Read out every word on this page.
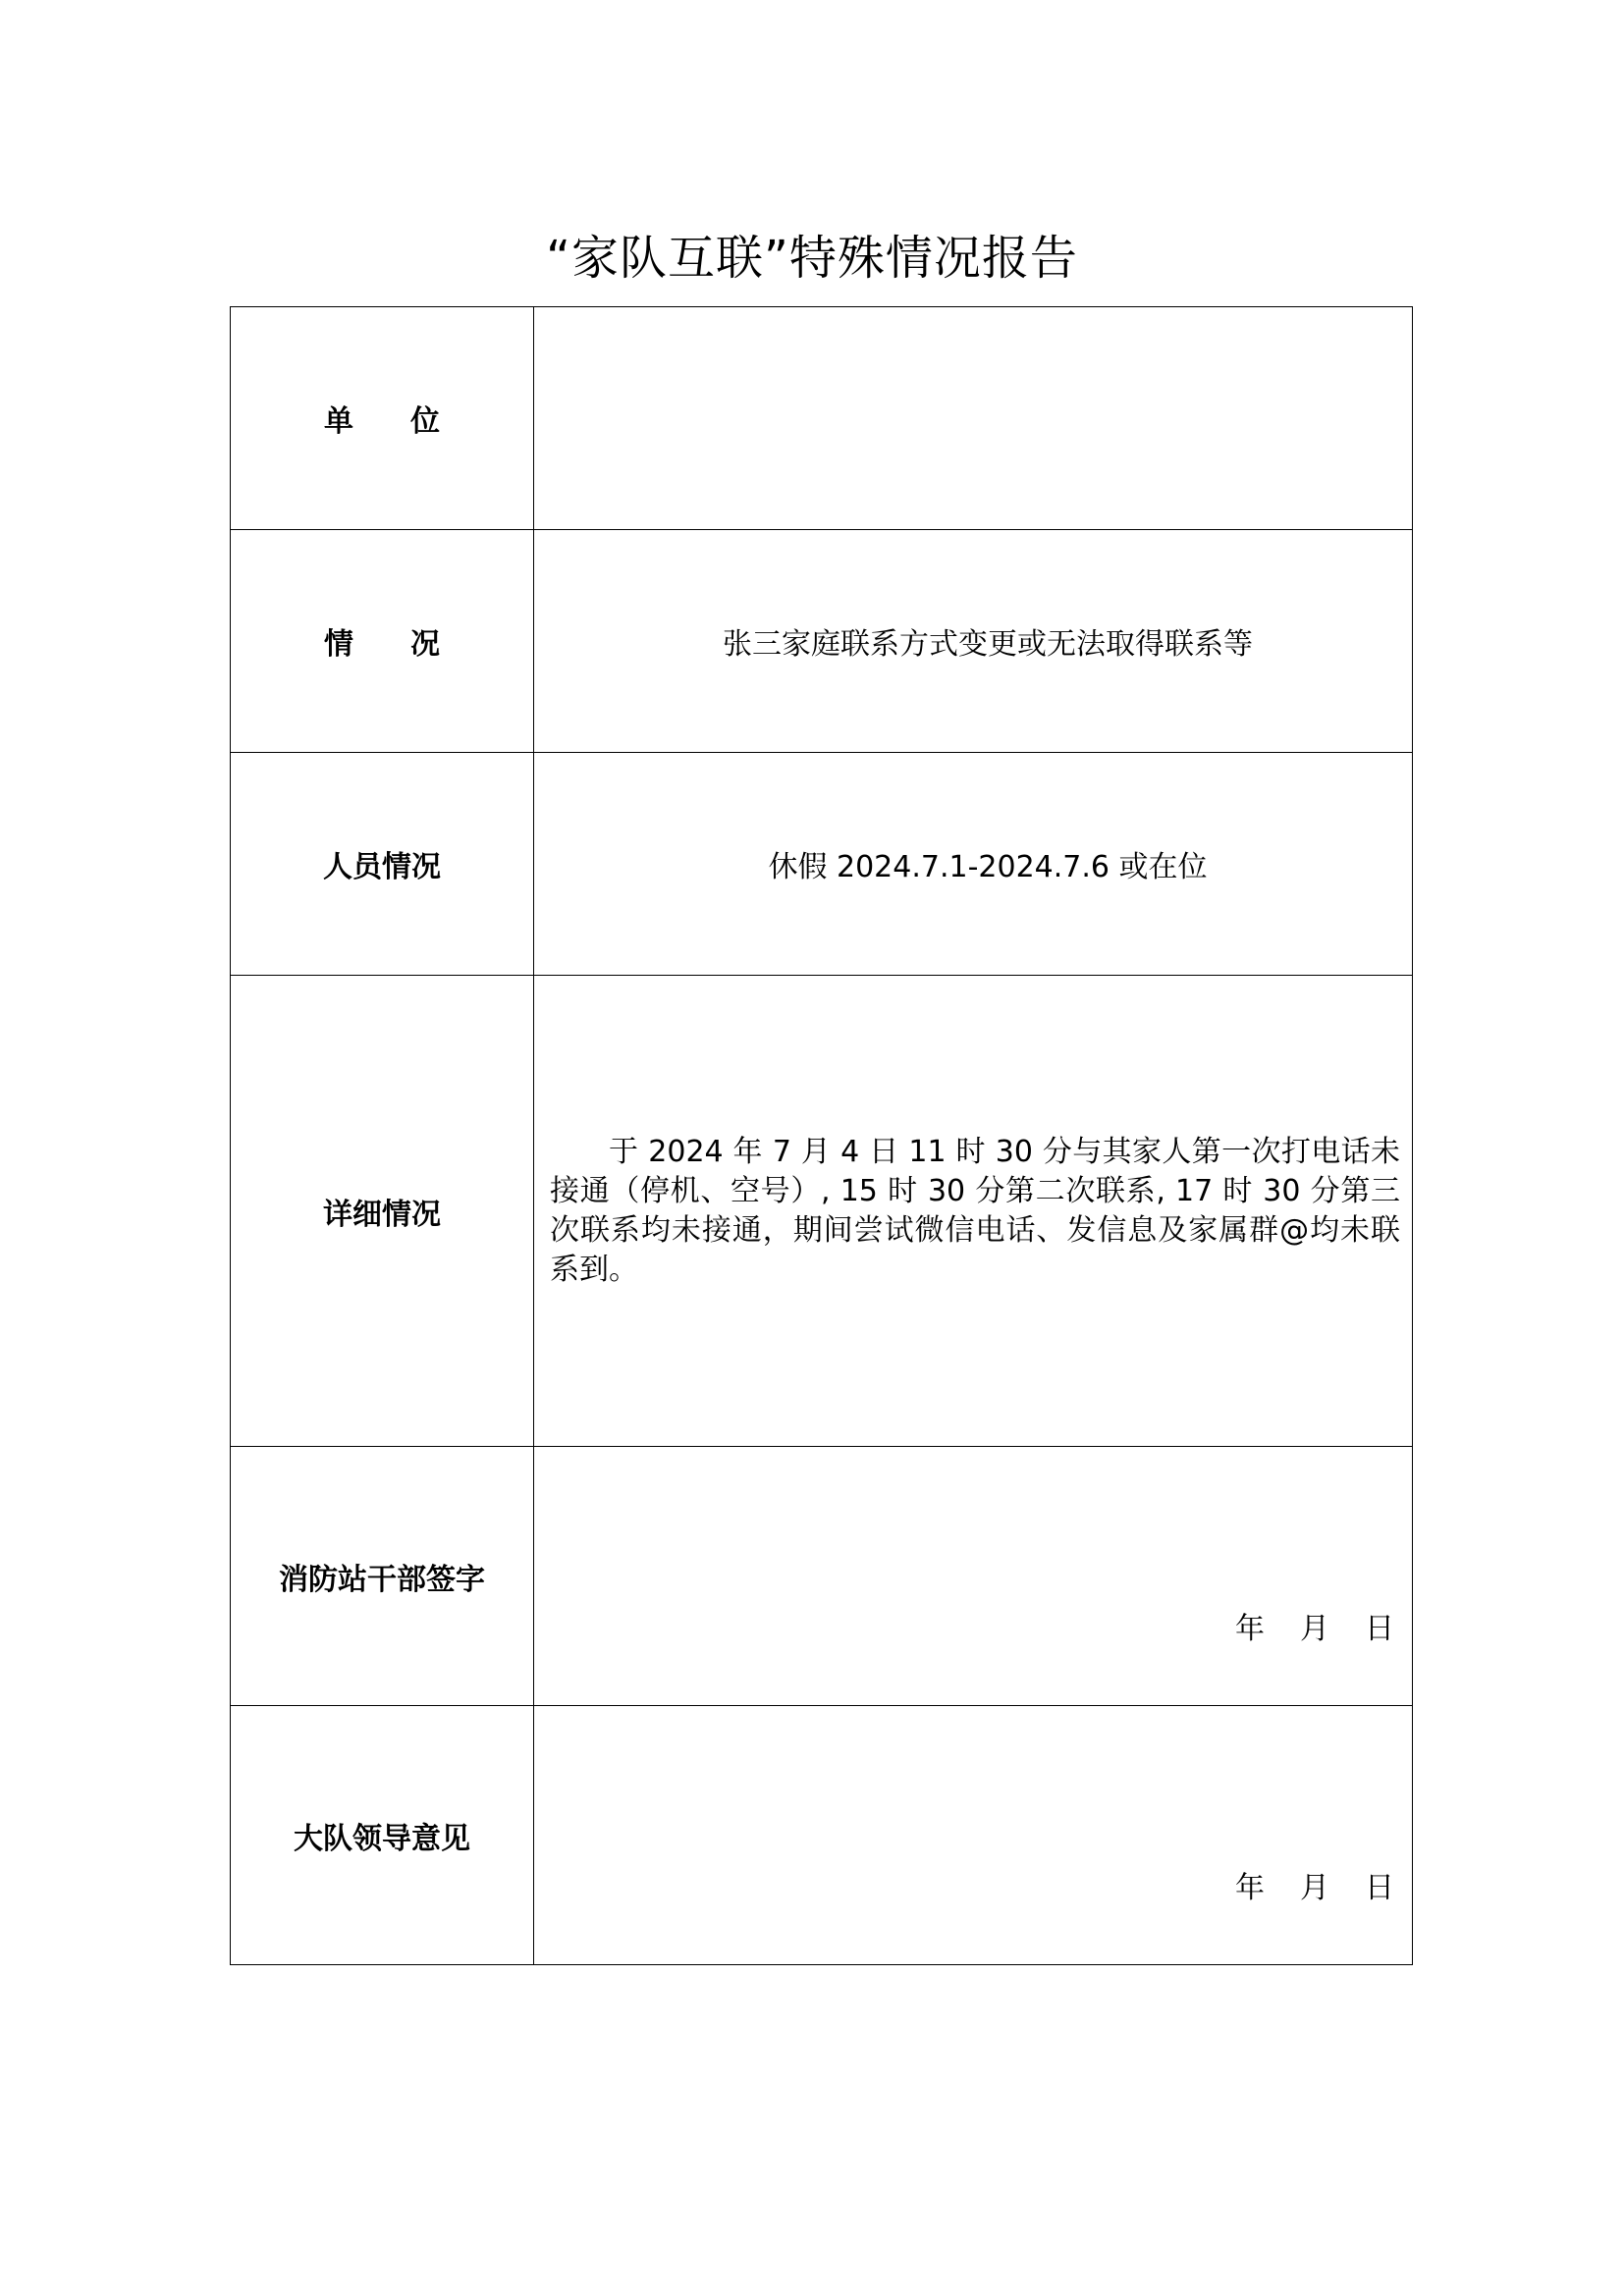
“家队互联”特殊情况报告
单位	
情况	张三家庭联系方式变更或无法取得联系等
人员情况	休假 2024.7.1-2024.7.6 或在位
详细情况	于 2024 年 7 月 4 日 11 时 30 分与其家人第一次打电话未接通（停机、空号）, 15 时 30 分第二次联系, 17 时 30 分第三次联系均未接通，期间尝试微信电话、发信息及家属群@均未联系到。
消防站干部签字	年 月 日

大队领导意见	年 月 日
